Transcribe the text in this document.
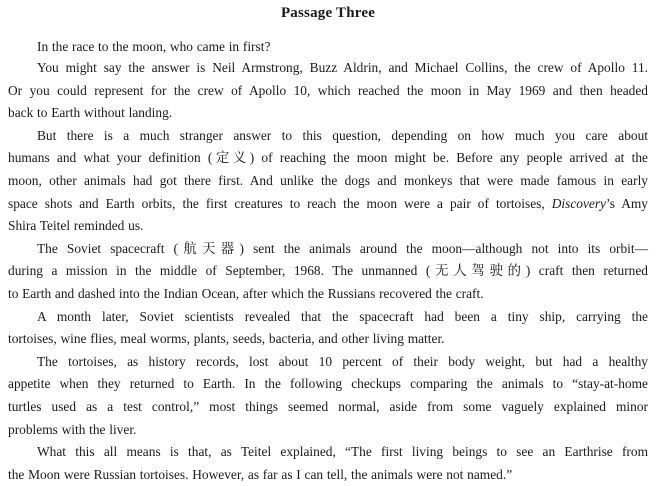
Passage Three
In the race to the moon, who came in first?
You might say the answer is Neil Armstrong, Buzz Aldrin, and Michael Collins, the crew of Apollo 11.
Or you could represent for the crew of Apollo 10, which reached the moon in May 1969 and then headed
back to Earth without landing.
But there is a much stranger answer to this question, depending on how much you care about
humans and what your definition (定义) of reaching the moon might be. Before any people arrived at the
moon, other animals had got there first. And unlike the dogs and monkeys that were made famous in early
space shots and Earth orbits, the first creatures to reach the moon were a pair of tortoises, Discovery’s Amy
Shira Teitel reminded us.
The Soviet spacecraft (航天器) sent the animals around the moon—although not into its orbit—
during a mission in the middle of September, 1968. The unmanned (无人驾驶的) craft then returned
to Earth and dashed into the Indian Ocean, after which the Russians recovered the craft.
A month later, Soviet scientists revealed that the spacecraft had been a tiny ship, carrying the
tortoises, wine flies, meal worms, plants, seeds, bacteria, and other living matter.
The tortoises, as history records, lost about 10 percent of their body weight, but had a healthy
appetite when they returned to Earth. In the following checkups comparing the animals to “stay-at-home
turtles used as a test control,” most things seemed normal, aside from some vaguely explained minor
problems with the liver.
What this all means is that, as Teitel explained, “The first living beings to see an Earthrise from
the Moon were Russian tortoises. However, as far as I can tell, the animals were not named.”
